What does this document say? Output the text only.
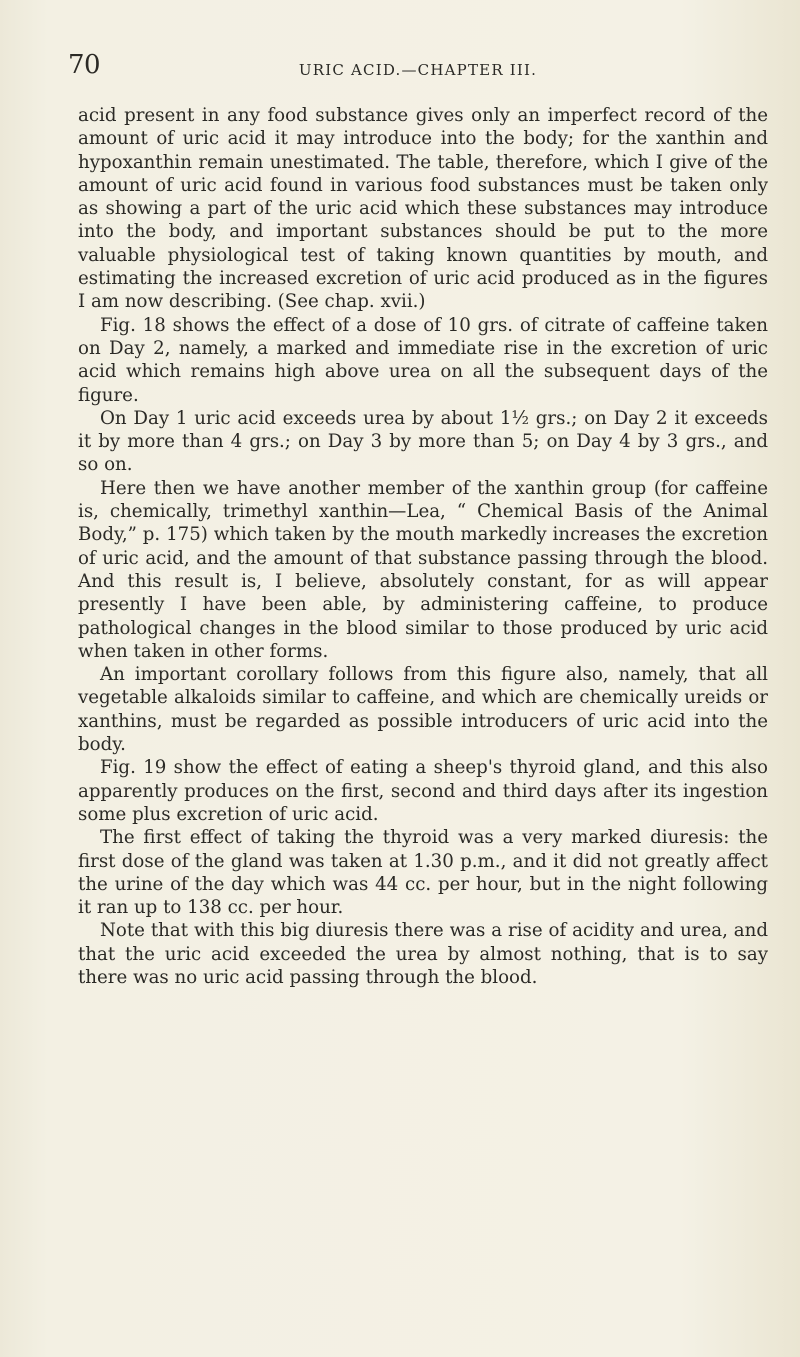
70	URIC ACID.—CHAPTER III.

acid present in any food substance gives only an imperfect record of the amount of uric acid it may introduce into the body; for the xanthin and hypoxanthin remain unestimated. The table, therefore, which I give of the amount of uric acid found in various food substances must be taken only as showing a part of the uric acid which these substances may introduce into the body, and important substances should be put to the more valuable physiological test of taking known quantities by mouth, and estimating the increased excretion of uric acid produced as in the figures I am now describing. (See chap. xvii.)

Fig. 18 shows the effect of a dose of 10 grs. of citrate of caffeine taken on Day 2, namely, a marked and immediate rise in the excretion of uric acid which remains high above urea on all the subsequent days of the figure.

On Day 1 uric acid exceeds urea by about 1½ grs.; on Day 2 it exceeds it by more than 4 grs.; on Day 3 by more than 5; on Day 4 by 3 grs., and so on.

Here then we have another member of the xanthin group (for caffeine is, chemically, trimethyl xanthin—Lea, “ Chemical Basis of the Animal Body,” p. 175) which taken by the mouth markedly increases the excretion of uric acid, and the amount of that substance passing through the blood. And this result is, I believe, absolutely constant, for as will appear presently I have been able, by administering caffeine, to produce pathological changes in the blood similar to those produced by uric acid when taken in other forms.

An important corollary follows from this figure also, namely, that all vegetable alkaloids similar to caffeine, and which are chemically ureids or xanthins, must be regarded as possible introducers of uric acid into the body.

Fig. 19 show the effect of eating a sheep's thyroid gland, and this also apparently produces on the first, second and third days after its ingestion some plus excretion of uric acid.

The first effect of taking the thyroid was a very marked diuresis: the first dose of the gland was taken at 1.30 p.m., and it did not greatly affect the urine of the day which was 44 cc. per hour, but in the night following it ran up to 138 cc. per hour.

Note that with this big diuresis there was a rise of acidity and urea, and that the uric acid exceeded the urea by almost nothing, that is to say there was no uric acid passing through the blood.
